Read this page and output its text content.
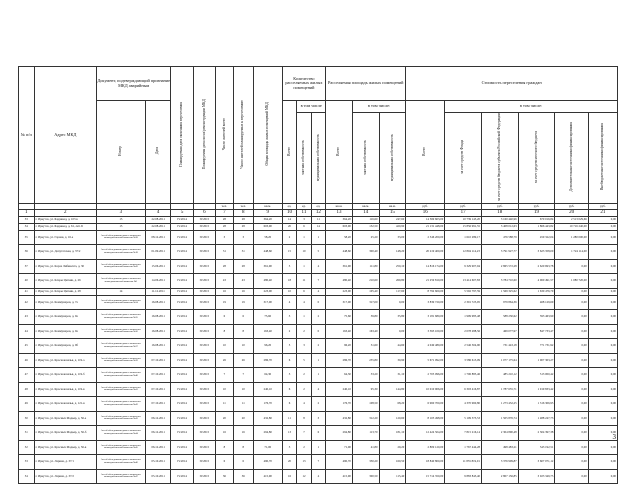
№ п/п	Адрес МКД	Документ, подтверждающий признание МКД аварийным		Планируемая дата окончания переселения	Планируемая дата сноса/реконструкции МКД	Число жителей всего	Число жителей планируемых к переселению	Общая площадь жилых помещений МКД	Количество расселяемых жилых помещений			Расселяемая площадь жилых помещений			Стоимость переселения граждан					
		Номер	Дата						Всего	в том числе		Всего	в том числе:		Всего	в том числе:				
										частная собственность	муниципальная собственность		частная собственность	муниципальная собственность		за счет средств Фонда	за счет средств бюджета субъекта Российской Федерации	за счет средств местного бюджета	Дополнительные источники финансирования	Внебюджетные источники финансирования
						чел.	чел.	кв.м.	ед.	ед.	ед.	кв.м.	кв.м.	кв.м.	руб.	руб.	руб.	руб.	руб.	руб.
1	2	3	4	5	6	7	8	9	10	11	12	13	14	15	16	17	18	19	20	21
33	г. Иркутск, ул. Баррикад, д. 103 в	15	22.08.2011	IV.2014	IV.2015	28	28	364,20	14	3	11	364,20	116,60	247,60	14 569 603,00	10 739 145,20	3 160 440,96	670 016,84	2 513 029,66	0,00
34	г. Иркутск, ул. Баррикад, д. 61, лит. Б	15	22.08.2011	IV.2014	IV.2015	28	28	603,90	20	6	14	603,90	132,50	420,90	21 131 448,00	15 856 991,55	3 408 012,63	1 866 443,82	10 716 240,00	0,00
35	г. Иркутск, ул. Горная, д. 16-а	Акт об обследовании дома и заключение межведомственной комиссии №38	08.12.2011	IV.2014	IV.2015	3	3	58,20	2	1	1	58,20	25,20	33,00	2 546 200,00	1 610 289,17	476 588,79	459 322,04	1 280 000,00	0,00
36	г. Иркутск, ул. Депутатская, д. 37/2	Акт об обследовании дома и заключение межведомственной комиссии №18	01.09.2011	IV.2014	IV.2015	31	31	448,60	15	10	5	448,60	300,40	148,20	20 219 400,00	12 804 114,23	3 791 927,77	3 623 358,00	1 724 114,00	0,00
37	г. Иркутск, ул. Карла Либкнехта, д. 30	Акт об обследовании дома и заключение межведомственной комиссии №43	15.06.2011	IV.2014	IV.2015	28	28	361,90	5	1	4	361,90	111,80	250,10	14 816 174,00	9 329 907,94	2 865 572,28	2 620 693,78	0,00	0,00
40	г. Иркутск, ул. Клары Цеткин, д. 26	Акт об обследовании дома и заключение межведомственной комиссии №1	14.06.2011	IV.2014	IV.2015	43	43	480,40	18	11	7	480,40	210,60	269,80	21 259 810,00	13 414 607,83	3 784 710,60	4 060 491,57	1 080 720,00	0,00
41	г. Иркутск, ул. Клары Цеткин, д. 28	14	11.12.2011	IV.2014	IV.2015	16	16	223,00	10	6	4	223,00	105,40	117,60	8 792 600,00	5 592 797,59	1 569 325,62	1 630 476,79	0,00	0,00
42	г. Иркутск, ул. Коммунаров, д. 7а	Акт об обследовании дома и заключение межведомственной комиссии №34	16.08.2011	IV.2014	IV.2015	19	19	317,00	4	4	0	317,00	317,00	0,00	3 839 720,00	2 391 725,95	979 864,36	468 129,69	0,00	0,00
43	г. Иркутск, ул. Коммунаров, д. 9а	Акт об обследовании дома и заключение межведомственной комиссии №35	16.08.2011	IV.2014	IV.2015	6	6	75,60	3	1	2	75,60	39,80	35,80	3 181 680,00	1 999 985,48	588 230,62	593 463,90	0,00	0,00
44	г. Иркутск, ул. Коммунаров, д. 9а	Акт об обследовании дома и заключение межведомственной комиссии №36	16.08.2011	IV.2014	IV.2015	8	8	163,40	2	2	0	163,40	163,40	0,00	3 395 100,00	2 078 288,56	469 077,97	847 733,47	0,00	0,00
45	г. Иркутск, ул. Коммунаров, д. 9б	Акт об обследовании дома и заключение межведомственной комиссии №37	16.08.2011	IV.2014	IV.2015	10	10	96,20	5	3	2	96,20	51,60	44,60	4 049 480,00	2 546 304,90	731 443,18	771 731,92	0,00	0,00
46	г. Иркутск, ул. Красноказачья, д. 119-а	Акт об обследовании дома и заключение межведомственной комиссии №39	07.10.2011	IV.2014	IV.2015	26	26	286,70	6	5	1	286,70	255,80	30,90	5 671 092,00	3 586 613,09	1 077 175,64	1 007 303,27	0,00	0,00
47	г. Иркутск, ул. Красноказачья, д. 119-б	Акт об обследовании дома и заключение межведомственной комиссии №40	07.10.2011	IV.2014	IV.2015	7	7	64,30	3	2	1	64,30	33,20	31,10	2 705 096,00	1 706 885,46	485 210,12	513 000,42	0,00	0,00
48	г. Иркутск, ул. Красноказачья, д. 119-в	Акт об обследовании дома и заключение межведомственной комиссии №41	07.10.2011	IV.2014	IV.2015	10	10	240,10	6	2	4	240,10	95,30	144,80	10 010 906,00	6 303 416,87	1 787 655,71	1 919 833,42	0,00	0,00
49	г. Иркутск, ул. Красноказачья, д. 121-в	Акт об обследовании дома и заключение межведомственной комиссии №42	07.10.2011	IV.2014	IV.2015	11	11	176,70	6	4	2	176,70	108,50	68,20	6 960 700,00	4 370 960,80	1 273 432,25	1 316 306,95	0,00	0,00
50	г. Иркутск, ул. Красных Мадьяр, д. 56-а	Акт об обследовании дома и заключение межведомственной комиссии №43	06.12.2011	IV.2014	IV.2015	20	20	432,80	11	8	3	432,80	312,20	120,60	8 103 498,00	5 109 373,53	1 505 876,74	1 488 247,73	0,00	0,00
51	г. Иркутск, ул. Красных Мадьяр, д. 56-б	Акт об обследовании дома и заключение межведомственной комиссии №44	06.12.2011	IV.2014	IV.2015	16	16	294,80	13	7	6	294,80	113,70	181,10	12 424 504,00	7 815 216,14	2 304 890,48	2 304 397,38	0,00	0,00
52	г. Иркутск, ул. Красных Мадьяр, д. 56-в	Акт об обследовании дома и заключение межведомственной комиссии №45	06.12.2011	IV.2014	IV.2015	8	8	71,00	3	2	1	71,00	41,80	29,20	2 809 120,00	1 767 444,28	498 483,21	543 192,51	0,00	0,00
53	г. Иркутск, ул. Ларина, д. 37/1	Акт об обследовании дома и заключение межведомственной комиссии №46	05.10.2011	IV.2014	IV.2015	6	6	490,70	20	13	7	490,70	330,20	160,50	18 840 800,00	11 855 819,01	3 376 909,87	3 607 071,12	0,00	0,00
54	г. Иркутск, ул. Ларина, д. 37/2	Акт об обследовании дома и заключение межведомственной комиссии №47	05.10.2011	IV.2014	IV.2015	36	36	415,90	16	12	4	415,90	300,50	115,40	15 714 350,00	9 883 843,40	2 807 156,85	3 023 349,75	0,00	0,00
3
